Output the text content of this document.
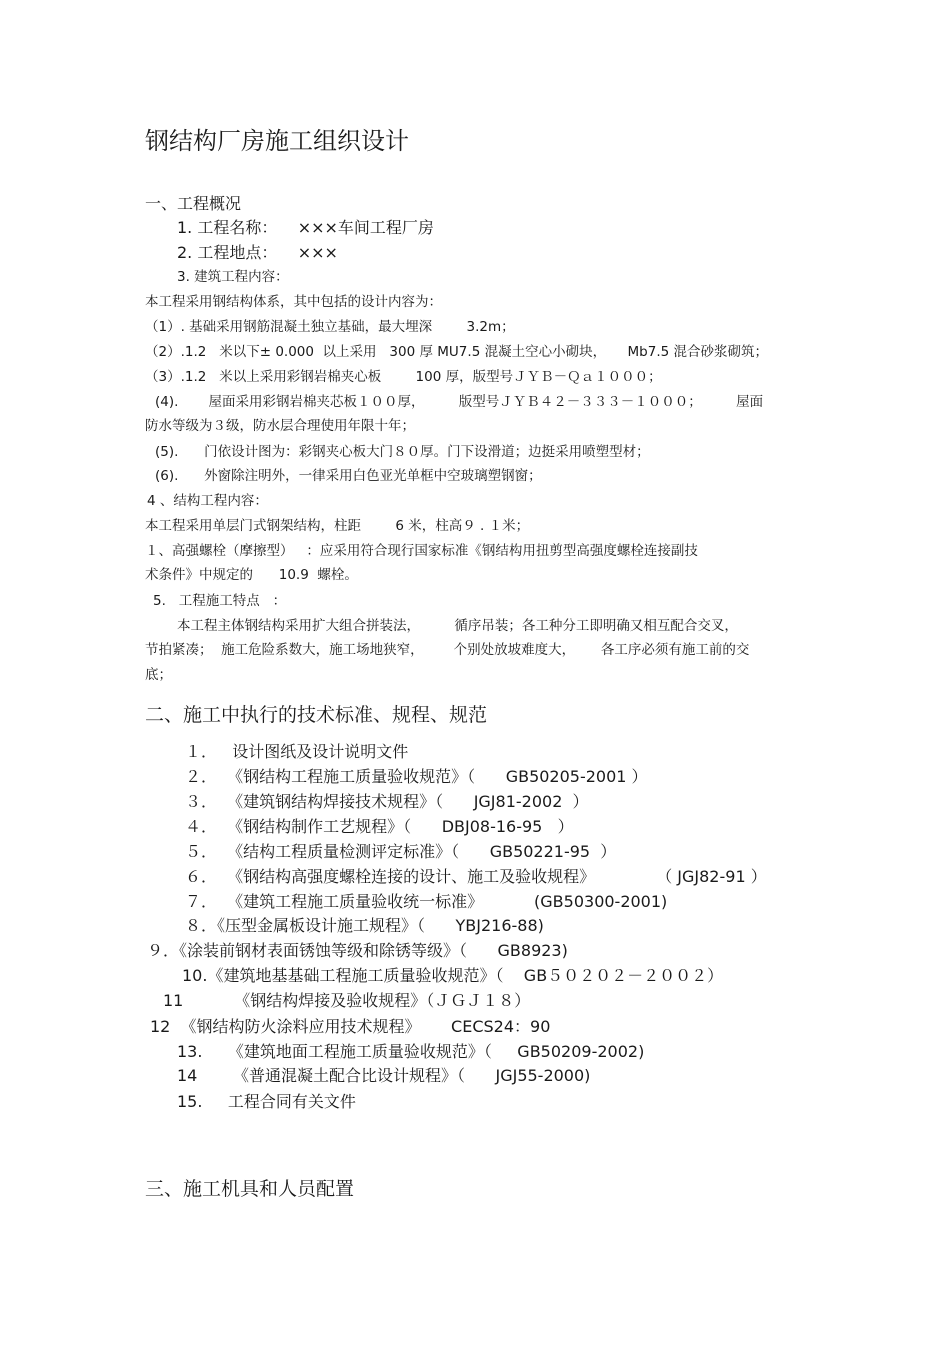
钢结构厂房施工组织设计
一、工程概况
1. 工程名称：    ×××车间工程厂房
2. 工程地点：    ×××
3. 建筑工程内容：
本工程采用钢结构体系，其中包括的设计内容为：
（1）. 基础采用钢筋混凝土独立基础，最大埋深        3.2m；
（2）.1.2   米以下± 0.000  以上采用   300 厚 MU7.5 混凝土空心小砌块，     Mb7.5 混合砂浆砌筑；
（3）.1.2   米以上采用彩钢岩棉夹心板        100 厚，版型号ＪＹＢ－Ｑａ１０００；
(4).       屋面采用彩钢岩棉夹芯板１００厚，        版型号ＪＹＢ４２－３３３－１０００；        屋面
防水等级为３级，防水层合理使用年限十年；
(5).      门依设计图为：彩钢夹心板大门８０厚。门下设滑道；边挺采用喷塑型材；
(6).      外窗除注明外，一律采用白色亚光单框中空玻璃塑钢窗；
4 、结构工程内容：
本工程采用单层门式钢架结构，柱距        6 米，柱高９ . １米；
１、高强螺栓（摩擦型）   ：应采用符合现行国家标准《钢结构用扭剪型高强度螺栓连接副技
术条件》中规定的      10.9  螺栓。
5.   工程施工特点   ：
本工程主体钢结构采用扩大组合拼装法，        循序吊装；各工种分工即明确又相互配合交叉，
节拍紧凑；  施工危险系数大，施工场地狭窄，       个别处放坡难度大，      各工序必须有施工前的交
底；
二、施工中执行的技术标准、规程、规范
１．   设计图纸及设计说明文件
２．  《钢结构工程施工质量验收规范》（      GB50205-2001 ）
３．  《建筑钢结构焊接技术规程》（      JGJ81-2002  ）
４．  《钢结构制作工艺规程》（      DBJ08-16-95   ）
５．  《结构工程质量检测评定标准》（      GB50221-95  ）
６．  《钢结构高强度螺栓连接的设计、施工及验收规程》            （ JGJ82-91 ）
７．  《建筑工程施工质量验收统一标准》          (GB50300-2001)
８．《压型金属板设计施工规程》（      YBJ216-88)
９．《涂装前钢材表面锈蚀等级和除锈等级》（      GB8923)
10.《建筑地基基础工程施工质量验收规范》（    GB５０２０２－２００２）
11          《钢结构焊接及验收规程》（ＪＧＪ１８）
12  《钢结构防火涂料应用技术规程》      CECS24：90
13.     《建筑地面工程施工质量验收规范》（     GB50209-2002)
14       《普通混凝土配合比设计规程》（      JGJ55-2000)
15.     工程合同有关文件
三、施工机具和人员配置
